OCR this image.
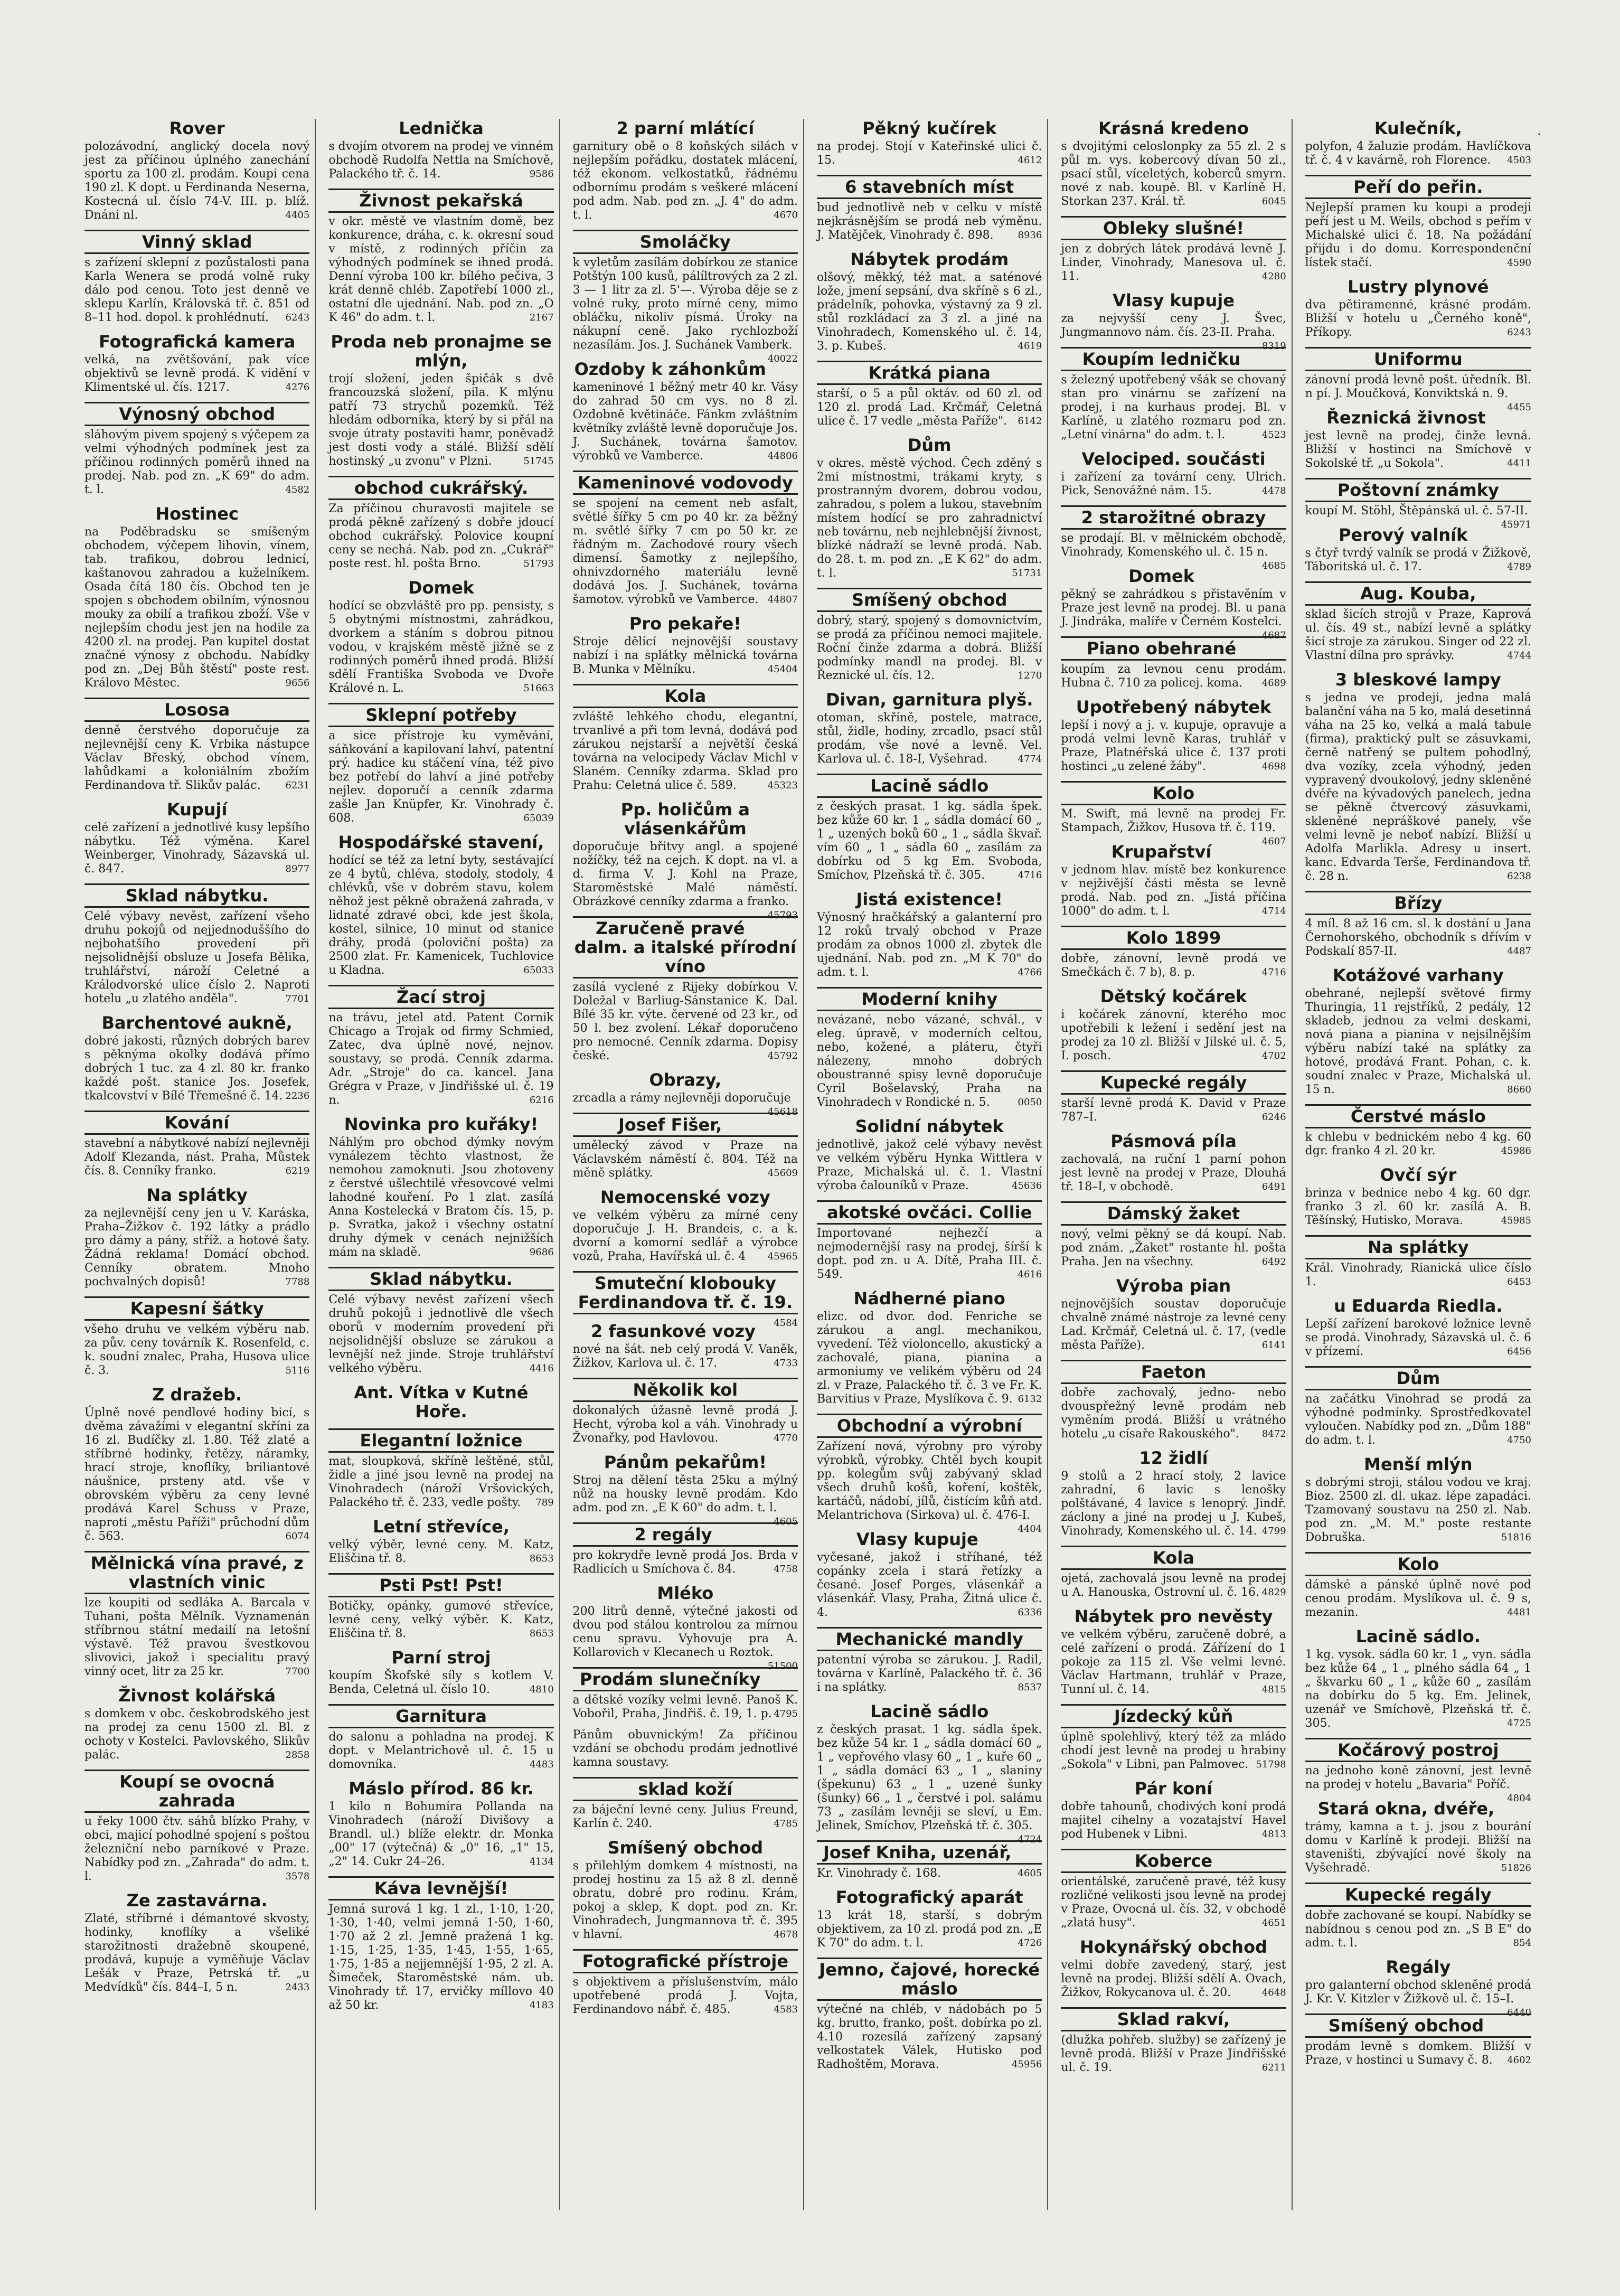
ᐧ
Rover

polozávodní, anglický docela nový jest za příčinou úplného zanechání sportu za 100 zl. prodám. Koupi cena 190 zl. K dopt. u Ferdinanda Neserna, Kostecná ul. číslo 74-V. III. p. blíž. Dnáni nl.	4405

Vinný sklad

s zařízení sklepní z pozůstalosti pana Karla Wenera se prodá volně ruky dálo pod cenou. Toto jest denně ve sklepu Karlín, Královská tř. č. 851 od 8–11 hod. dopol. k prohlédnutí. 6243

Fotografická kamera

velká, na zvětšování, pak více objektivů se levně prodá. K vidění v Klimentské ul. čís. 1217.	4276

Výnosný obchod

sláhovým pivem spojený s výčepem za velmi výhodných podmínek jest za příčinou rodinných poměrů ihned na prodej. Nab. pod zn. „K 69" do adm. t. l.	4582

Hostinec

na Poděbradsku se smíšeným obchodem, výčepem lihovin, vínem, tab. trafikou, dobrou lednicí, kaštanovou zahradou a kuželníkem. Osada čítá 180 čís. Obchod ten je spojen s obchodem obilním, výnosnou mouky za obilí a trafikou zboží. Vše v nejlepším chodu jest jen na hodile za 4200 zl. na prodej. Pan kupitel dostat značné výnosy z obchodu. Nabídky pod zn. „Dej Bůh štěstí" poste rest. Královo Městec.	9656

Lososa

denně čerstvého doporučuje za nejlevnější ceny K. Vrbika nástupce Václav Břeský, obchod vínem, lahůdkami a koloniálním zbožím Ferdinandova tř. Slikův palác.	6231

Kupují

celé zařízení a jednotlivé kusy lepšího nábytku. Též výměna. Karel Weinberger, Vinohrady, Sázavská ul. č. 847.	8977

Sklad nábytku.

Celé výbavy nevěst, zařízení všeho druhu pokojů od nejjednoduššího do nejbohatšího provedení při nejsolidnější obsluze u Josefa Bělika, truhlářství, nároží Celetné a Králodvorské ulice číslo 2. Naproti hotelu „u zlatého anděla".	7701

Barchentové aukně,

dobré jakosti, různých dobrých barev s pěknýma okolky dodává přímo dobrých 1 tuc. za 4 zl. 80 kr. franko každé pošt. stanice Jos. Josefek, tkalcovství v Bílé Třemešné č. 14. 2236

Kování

stavební a nábytkové nabízí nejlevněji Adolf Klezanda, nást. Praha, Můstek čís. 8. Cenníky franko.	6219

Na splátky

za nejlevnější ceny jen u V. Karáska, Praha–Žižkov č. 192 látky a prádlo pro dámy a pány, stříž. a hotové šaty. Žádná reklama! Domácí obchod. Cenníky obratem. Mnoho pochvalných dopisů!	7788

Kapesní šátky

všeho druhu ve velkém výběru nab. za pův. ceny továrník K. Rosenfeld, c. k. soudní znalec, Praha, Husova ulice č. 3.	5116

Z dražeb.

Úplně nové pendlové hodiny bicí, s dvěma závažími v elegantní skříni za 16 zl. Budíčky zl. 1.80. Též zlaté a stříbrné hodinky, řetězy, náramky, hrací stroje, knoflíky, briliantové náušnice, prsteny atd. vše v obrovském výběru za ceny levné prodává Karel Schuss v Praze, naproti „městu Paříži" průchodní dům č. 563.	6074

Mělnická vína pravé, z vlastních vinic

lze koupiti od sedláka A. Barcala v Tuhani, pošta Mělník. Vyznamenán stříbrnou státní medailí na letošní výstavě. Též pravou švestkovou slivovici, jakož i specialitu pravý vinný ocet, litr za 25 kr.	7700

Živnost kolářská

s domkem v obc. českobrodského jest na prodej za cenu 1500 zl. Bl. z ochoty v Kostelci. Pavlovského, Slikův palác.	2858

Koupí se ovocná zahrada

u řeky 1000 čtv. sáhů blízko Prahy, v obci, majicí pohodlné spojení s poštou železniční nebo parníkové v Praze. Nabídky pod zn. „Zahrada" do adm. t. l.	3578

Ze zastavárna.

Zlaté, stříbrné i démantové skvosty, hodinky, knoflíky a všeliké starožitnosti dražebně skoupené, prodává, kupuje a vyměňuje Václav Lešák v Praze, Petrská tř. „u Medvídků" čís. 844–I, 5 n.	2433

Lednička

s dvojím otvorem na prodej ve vinném obchodě Rudolfa Nettla na Smíchově, Palackého tř. č. 14.	9586

Živnost pekařská

v okr. městě ve vlastním domě, bez konkurence, dráha, c. k. okresní soud v místě, z rodinných příčin za výhodných podmínek se ihned prodá. Denní výroba 100 kr. bílého pečiva, 3 krát denně chléb. Zapotřebí 1000 zl., ostatní dle ujednání. Nab. pod zn. „O K 46" do adm. t. l.	2167

Proda neb pronajme se mlýn,

trojí složení, jeden špičák s dvě francouzská složení, pila. K mlýnu patří 73 strychů pozemků. Též hledám odborníka, který by si přál na svoje útraty postaviti hamr, poněvadž jest dosti vody a stálé. Bližší sdělí hostinský „u zvonu" v Plzni.	51745

obchod cukrářský.

Za příčinou churavosti majitele se prodá pěkně zařízený s dobře jdoucí obchod cukrářský. Polovice koupní ceny se nechá. Nab. pod zn. „Cukrář" poste rest. hl. pošta Brno.	51793

Domek

hodící se obzvláště pro pp. pensisty, s 5 obytnými místnostmi, zahrádkou, dvorkem a stáním s dobrou pitnou vodou, v krajském městě jižně se z rodinných poměrů ihned prodá. Bližší sdělí Františka Svoboda ve Dvoře Králové n. L.	51663

Sklepní potřeby

a sice přístroje ku vyměvání, sáňkování a kapilovaní lahví, patentní prý. hadice ku stáčení vína, též pivo bez potřebí do lahví a jiné potřeby nejlev. doporučí a cenník zdarma zašle Jan Knüpfer, Kr. Vinohrady č. 608.	65039

Hospodářské stavení,

hodící se též za letní byty, sestávající ze 4 bytů, chléva, stodoly, stodoly, 4 chlévků, vše v dobrém stavu, kolem něhož jest pěkně obražená zahrada, v lidnaté zdravé obci, kde jest škola, kostel, silnice, 10 minut od stanice dráhy, prodá (poloviční pošta) za 2500 zlat. Fr. Kamenicek, Tuchlovice u Kladna.	65033

Žací stroj

na trávu, jetel atd. Patent Cornik Chicago a Trojak od firmy Schmied, Zatec, dva úplně nové, nejnov. soustavy, se prodá. Cenník zdarma. Adr. „Stroje" do ca. kancel. Jana Grégra v Praze, v Jindřišské ul. č. 19 n.	6216

Novinka pro kuřáky!

Náhlým pro obchod dýmky novým vynálezem těchto vlastnost, že nemohou zamoknuti. Jsou zhotoveny z čerstvé ušlechtilé vřesovcové velmi lahodné kouření. Po 1 zlat. zasílá Anna Kostelecká v Bratom čís. 15, p. p. Svratka, jakož i všechny ostatní druhy dýmek v cenách nejnižších mám na skladě.	9686

Sklad nábytku.

Celé výbavy nevěst zařízení všech druhů pokojů i jednotlivě dle všech oborů v moderním provedení při nejsolidnější obsluze se zárukou a levnější než jinde. Stroje truhlářství velkého výběru.	4416

Ant. Vítka v Kutné Hoře.
Elegantní ložnice

mat, sloupková, skříně leštěné, stůl, židle a jiné jsou levně na prodej na Vinohradech (nároží Vršovických, Palackého tř. č. 233, vedle pošty. 789

Letní střevíce,

velký výběr, levné ceny. M. Katz, Eliščina tř. 8.	8653

Psti Pst! Pst!

Botičky, opánky, gumové střevíce, levné ceny, velký výběr. K. Katz, Eliščina tř. 8.	8653

Parní stroj

koupím Škofské síly s kotlem V. Benda, Celetná ul. číslo 10.	4810

Garnitura

do salonu a pohladna na prodej. K dopt. v Melantrichově ul. č. 15 u domovníka.	4483

Máslo přírod. 86 kr.

1 kilo n Bohumíra Pollanda na Vinohradech (nároží Divišovy a Brandl. ul.) blíže elektr. dr. Monka „00" 17 (výtečná) & „0" 16, „1" 15, „2" 14. Cukr 24–26.	4134

Káva levnější!

Jemná surová 1 kg. 1 zl., 1·10, 1·20, 1·30, 1·40, velmi jemná 1·50, 1·60, 1·70 až 2 zl. Jemně pražená 1 kg. 1·15, 1·25, 1·35, 1·45, 1·55, 1·65, 1·75, 1·85 a nejjemnější 1·95, 2 zl. A. Šimeček, Staroměstské nám. ub. Vinohrady tř. 17, ervičky míllovo 40 až 50 kr.	4183

2 parní mlátící

garnitury obě o 8 koňských silách v nejlepším pořádku, dostatek mlácení, též ekonom. velkostatků, řádnému odbornímu prodám s veškeré mlácení pod adm. Nab. pod zn. „J. 4" do adm. t. l.	4670

Smoláčky

k vyletům zasílám dobírkou ze stanice Potštýn 100 kusů, pálíltrových za 2 zl. 3 — 1 litr za zl. 5'—. Výroba děje se z volné ruky, proto mírné ceny, mimo obláčku, nikoliv písmá. Úroky na nákupní ceně. Jako rychlozboží nezasílám. Jos. J. Suchánek Vamberk.
40022

Ozdoby k záhonkům

kameninové 1 běžný metr 40 kr. Vásy do zahrad 50 cm vys. no 8 zl. Ozdobně květináče. Fánkm zvláštním květníky zvláště levně doporučuje Jos. J. Suchánek, továrna šamotov. výrobků ve Vamberce.	44806

Kameninové vodovody

se spojení na cement neb asfalt, světlé šířky 5 cm po 40 kr. za běžný m. světlé šířky 7 cm po 50 kr. ze řádným m. Zachodové roury všech dimensí. Šamotky z nejlepšího, ohnivzdorného materiálu levně dodává Jos. J. Suchánek, továrna šamotov. výrobků ve Vamberce. 44807

Pro pekaře!

Stroje dělící nejnovější soustavy nabízí i na splátky mělnická továrna B. Munka v Mělníku.	45404

Kola

zvláště lehkého chodu, elegantní, trvanlivé a při tom levná, dodává pod zárukou nejstarší a největší česká továrna na velocipedy Václav Michl v Slaném. Cenníky zdarma. Sklad pro Prahu: Celetná ulice č. 589.	45323

Pp. holičům a vlásenkářům

doporučuje břitvy angl. a spojené nožíčky, též na cejch. K dopt. na vl. a d. firma V. J. Kohl na Praze, Staroměstské Malé náměstí. Obrázkové cenníky zdarma a franko.
45793

Zaručeně pravé dalm. a italské přírodní víno

zasílá vyclené z Rijeky dobírkou V. Doležal v Barliug-Sánstanice K. Dal. Bílé 35 kr. výte. červené od 23 kr., od 50 l. bez zvolení. Lékař doporučeno pro nemocné. Cenník zdarma. Dopisy české.	45792

Obrazy,

zrcadla a rámy nejlevněji doporučuje
45618

Josef Fišer,

umělecký závod v Praze na Václavském náměstí č. 804. Též na měně splátky.	45609

Nemocenské vozy

ve velkém výběru za mírné ceny doporučuje J. H. Brandeis, c. a k. dvorní a komorní sedlář a výrobce vozů, Praha, Havířská ul. č. 4 45965

Smuteční klobouky Ferdinandova tř. č. 19.

4584

2 fasunkové vozy

nové na šát. neb celý prodá V. Vaněk, Žižkov, Karlova ul. č. 17.	4733

Několik kol

dokonalých úžasně levně prodá J. Hecht, výroba kol a váh. Vinohrady u Žvonařky, pod Havlovou.	4770

Pánům pekařům!

Stroj na dělení těsta 25ku a mýlný nůž na housky levně prodám. Kdo adm. pod zn. „E K 60" do adm. t. l.
4605

2 regály

pro kokrydře levně prodá Jos. Brda v Radlicích u Smíchova č. 84.	4758

Mléko

200 litrů denně, výtečné jakosti od dvou pod stálou kontrolou za mírnou cenu spravu. Vyhovuje pra A. Kollarovich v Klecanech u Roztok.
51500

Prodám slunečníky

a dětské vozíky velmi levně. Panoš K. Vobořil, Praha, Jindřiš. č. 19, 1. p. 4795

Pánům obuvnickým! Za příčinou vzdání se obchodu prodám jednotlivé kamna soustavy.

sklad koží

za báječní levné ceny. Julius Freund, Karlín č. 240.	4785

Smíšený obchod

s přilehlým domkem 4 místnosti, na prodej hostinu za 15 až 8 zl. denně obratu, dobré pro rodinu. Krám, pokoj a sklep, K dopt. pod zn. Kr. Vinohradech, Jungmannova tř. č. 395 v hlavní.	4678

Fotografické přístroje

s objektivem a příslušenstvím, málo upotřebené prodá J. Vojta, Ferdinandovo nábř. č. 485.	4583

Pěkný kučírek

na prodej. Stojí v Kateřinské ulici č. 15.	4612

6 stavebních míst

bud jednotlivě neb v celku v místě nejkrásnějším se prodá neb výměnu. J. Matějček, Vinohrady č. 898.	8936

Nábytek prodám

olšový, měkký, též mat. a saténové lože, jmení sepsání, dva skříně s 6 zl., prádelník, pohovka, výstavný za 9 zl. stůl rozkládací za 3 zl. a jiné na Vinohradech, Komenského ul. č. 14, 3. p. Kubeš.	4619

Krátká piana

starší, o 5 a půl oktáv. od 60 zl. od 120 zl. prodá Lad. Krčmář, Celetná ulice č. 17 vedle „města Paříže". 6142

Dům

v okres. městě východ. Čech zděný s 2mi místnostmi, trákami kryty, s prostranným dvorem, dobrou vodou, zahradou, s polem a lukou, stavebním místem hodící se pro zahradnictví neb továrnu, neb nejhlebnější živnost, blízké nádraží se levně prodá. Nab. do 28. t. m. pod zn. „E K 62" do adm. t. l.	51731

Smíšený obchod

dobrý, starý, spojený s domovnictvím, se prodá za příčinou nemoci majitele. Roční činže zdarma a dobrá. Bližší podmínky mandl na prodej. Bl. v Řeznické ul. čís. 12.	1270

Divan, garnitura plyš.

otoman, skříně, postele, matrace, stůl, židle, hodiny, zrcadlo, psací stůl prodám, vše nové a levně. Vel. Karlova ul. č. 18-I, Vyšehrad.	4774

Lacině sádlo

z českých prasat. 1 kg. sádla špek. bez kůže 60 kr. 1 „ sádla domácí 60 „ 1 „ uzených boků 60 „ 1 „ sádla škvař. vím 60 „ 1 „ sádla 60 „ zasílám za dobírku od 5 kg Em. Svoboda, Smíchov, Plzeňská tř. č. 305.	4716

Jistá existence!

Výnosný hračkářský a galanterní pro 12 roků trvalý obchod v Praze prodám za obnos 1000 zl. zbytek dle ujednání. Nab. pod zn. „M K 70" do adm. t. l.	4766

Moderní knihy

nevázané, nebo vázané, schvál., v eleg. úpravě, v moderních celtou, nebo, kožené, a pláteru, čtyři nálezeny, mnoho dobrých oboustranné spisy levně doporučuje Cyril Bošelavský, Praha na Vinohradech v Rondické n. 5.	0050

Solidní nábytek

jednotlivě, jakož celé výbavy nevěst ve velkém výběru Hynka Wittlera v Praze, Michalská ul. č. 1. Vlastní výroba čalouníků v Praze.	45636

akotské ovčáci. Collie

Importované nejhezčí a nejmodernější rasy na prodej, šírší k dopt. pod zn. u A. Dítě, Praha III. č. 549.	4616

Nádherné piano

elizc. od dvor. dod. Fenriche se zárukou a angl. mechanikou, vyvedení. Též violoncello, akustický a zachovalé, piana, pianina a armoniumy ve velikém výběru od 24 zl. v Praze, Palackého tř. č. 3 ve Fr. K. Barvitius v Praze, Myslíkova č. 9. 6132

Obchodní a výrobní

Zařízení nová, výrobny pro výroby výrobků, výrobky. Chtěl bych koupit pp. kolegům svůj zabývaný sklad všech druhů košů, koření, koštěk, kartáčů, nádobí, jílů, čistícím kůň atd. Melantrichova (Sirkova) ul. č. 476-I.
4404

Vlasy kupuje

vyčesané, jakož i stříhané, též copánky zcela i stará řetízky a česané. Josef Porges, vlásenkář a vlásenkář. Vlasy, Praha, Žitná ulice č. 4.	6336

Mechanické mandly

patentní výroba se zárukou. J. Radil, továrna v Karlíně, Palackého tř. č. 36 i na splátky.	8537

Lacině sádlo

z českých prasat. 1 kg. sádla špek. bez kůže 54 kr. 1 „ sádla domácí 60 „ 1 „ vepřového vlasy 60 „ 1 „ kuře 60 „ 1 „ sádla domácí 63 „ 1 „ slaniny (špekunu) 63 „ 1 „ uzené šunky (šunky) 66 „ 1 „ čerstvé i pol. salámu 73 „ zasílám levněji se sleví, u Em. Jelinek, Smíchov, Plzeňská tř. č. 305.
4724

Josef Kniha, uzenář,

Kr. Vinohrady č. 168.	4605

Fotografický aparát

13 krát 18, starší, s dobrým objektivem, za 10 zl. prodá pod zn. „E K 70" do adm. t. l.	4726

Jemno, čajové, horecké máslo

výtečné na chléb, v nádobách po 5 kg. brutto, franko, pošt. dobírka po zl. 4.10 rozesílá zařízený zapsaný velkostatek Válek, Hutisko pod Radhoštěm, Morava.	45956

Krásná kredeno

s dvojitými celoslonpky za 55 zl. 2 s půl m. vys. kobercový dívan 50 zl., psací stůl, víceletých, koberců smyrn. nové z nab. koupě. Bl. v Karlíně H. Storkan 237. Král. tř.	6045

Obleky slušné!

jen z dobrých látek prodává levně J. Linder, Vinohrady, Manesova ul. č. 11.	4280

Vlasy kupuje

za nejvyšší ceny J. Švec, Jungmannovo nám. čís. 23-II. Praha.
8319

Koupím ledničku

s železný upotřebený všák se chovaný stan pro vinárnu se zařízení na prodej, i na kurhaus prodej. Bl. v Karlíně, u zlatého rozmaru pod zn. „Letní vinárna" do adm. t. l.	4523

Velociped. součásti

i zařízení za tovární ceny. Ulrich. Pick, Senovážné nám. 15.	4478

2 starožitné obrazy

se prodají. Bl. v mělnickém obchodě, Vinohrady, Komenského ul. č. 15 n.
4685

Domek

pěkný se zahrádkou s přistavěním v Praze jest levně na prodej. Bl. u pana J. Jindráka, malíře v Černém Kostelci.
4687

Piano obehrané

koupím za levnou cenu prodám. Hubna č. 710 za policej. koma. 4689

Upotřebený nábytek

lepší i nový a j. v. kupuje, opravuje a prodá velmi levně Karas, truhlář v Praze, Platnéřská ulice č. 137 proti hostinci „u zelené žáby".	4698

Kolo

M. Swift, má levně na prodej Fr. Stampach, Žižkov, Husova tř. č. 119.
4607

Krupařství

v jednom hlav. místě bez konkurence v nejživější části města se levně prodá. Nab. pod zn. „Jistá příčina 1000" do adm. t. l.	4714

Kolo 1899

dobře, zánovní, levně prodá ve Smečkách č. 7 b), 8. p.	4716

Dětský kočárek

i kočárek zánovní, kterého moc upotřebili k ležení i sedění jest na prodej za 10 zl. Bližší v Jilské ul. č. 5, I. posch.	4702

Kupecké regály

starší levně prodá K. David v Praze 787–I.	6246

Pásmová píla

zachovalá, na ruční 1 parní pohon jest levně na prodej v Praze, Dlouhá tř. 18–I, v obchodě.	6491

Dámský žaket

nový, velmi pěkný se dá koupí. Nab. pod znám. „Žaket" rostante hl. pošta Praha. Jen na všechny.	6492

Výroba pian

nejnovějších soustav doporučuje chvalně známé nástroje za levné ceny Lad. Krčmář, Celetná ul. č. 17, (vedle města Paříže).	6141

Faeton

dobře zachovalý, jedno- nebo dvouspřežný levně prodám neb vyměním prodá. Bližší u vrátného hotelu „u císaře Rakouského". 8472

12 židlí

9 stolů a 2 hrací stoly, 2 lavice zahradní, 6 lavic s lenošky polštávané, 4 lavice s lenoprý. Jindř. záclony a jiné na prodej u J. Kubeš, Vinohrady, Komenského ul. č. 14. 4799

Kola

ojetá, zachovalá jsou levně na prodej u A. Hanouska, Ostrovní ul. č. 16. 4829

Nábytek pro nevěsty

ve velkém výběru, zaručeně dobré, a celé zařízení o prodá. Zářízení do 1 pokoje za 115 zl. Vše velmi levné. Václav Hartmann, truhlář v Praze, Tunní ul. č. 14.	4815

Jízdecký kůň

úplně spolehlivý, který též za mládo chodí jest levně na prodej u hrabiny „Sokola" v Libni, pan Palmovec. 51798

Pár koní

dobře tahounů, chodivých koní prodá majitel cihelny a vozatajství Havel pod Hubenek v Libni.	4813

Koberce

orientálské, zaručeně pravé, též kusy rozličné velikosti jsou levně na prodej v Praze, Ovocná ul. čís. 32, v obchodě „zlatá husy".	4651

Hokynářský obchod

velmi dobře zavedený, starý, jest levně na prodej. Bližší sdělí A. Ovach, Žižkov, Rokycanova ul. č. 20.	4648

Sklad rakví,

(dlužka pohřeb. služby) se zařízený je levně prodá. Bližší v Praze Jindřišské ul. č. 19.	6211

Kulečník,

polyfon, 4 žaluzie prodám. Havlíčkova tř. č. 4 v kavárně, roh Florence. 4503

Peří do peřin.

Nejlepší pramen ku koupi a prodeji peří jest u M. Weils, obchod s peřím v Michalské ulici č. 18. Na požádání přijdu i do domu. Korrespondenční lístek stačí.	4590

Lustry plynové

dva pětiramenné, krásné prodám. Bližší v hotelu u „Černého koně", Příkopy.	6243

Uniformu

zánovní prodá levně pošt. úředník. Bl. n pí. J. Moučková, Konviktská n. 9.
4455

Řeznická živnost

jest levně na prodej, činže levná. Bližší v hostinci na Smíchově v Sokolské tř. „u Sokola".	4411

Poštovní známky

koupí M. Stöhl, Štěpánská ul. č. 57-II.
45971

Perový valník

s čtyř tvrdý valník se prodá v Žižkově, Táboritská ul. č. 17.	4789

Aug. Kouba,

sklad šicích strojů v Praze, Kaprová ul. čís. 49 st., nabízí levně a splátky šicí stroje za zárukou. Singer od 22 zl. Vlastní dílna pro správky.	4744

3 bleskové lampy

s jedna ve prodeji, jedna malá balanční váha na 5 ko, malá desetinná váha na 25 ko, velká a malá tabule (firma), praktický pult se zásuvkami, černě natřený se pultem pohodlný, dva vozíky, zcela výhodný, jeden vypravený dvoukolový, jedny skleněné dvéře na kývadových panelech, jedna se pěkně čtvercový zásuvkami, skleněné nepráškové panely, vše velmi levně je neboť nabízí. Bližší u Adolfa Marlikla. Adresy u insert. kanc. Edvarda Terše, Ferdinandova tř. č. 28 n.	6238

Břízy

4 míl. 8 až 16 cm. sl. k dostání u Jana Černohorského, obchodník s dřívím v Podskalí 857-II.	4487

Kotážové varhany

obehrané, nejlepší světové firmy Thuringia, 11 rejstříků, 2 pedály, 12 skladeb, jednou za velmi deskami, nová piana a pianina v nejsilnějším výběru nabízí také na splátky za hotové, prodává Frant. Pohan, c. k. soudní znalec v Praze, Michalská ul. 15 n.	8660

Čerstvé máslo

k chlebu v bednickém nebo 4 kg. 60 dgr. franko 4 zl. 20 kr.	45986

Ovčí sýr

brinza v bednice nebo 4 kg. 60 dgr. franko 3 zl. 60 kr. zasílá A. B. Těšínský, Hutisko, Morava.	45985

Na splátky

Král. Vinohrady, Rianická ulice číslo 1.	6453

u Eduarda Riedla.

Lepší zařízení barokové ložnice levně se prodá. Vinohrady, Sázavská ul. č. 6 v přízemí.	6456

Dům

na začátku Vinohrad se prodá za výhodné podmínky. Sprostředkovatel vyloučen. Nabídky pod zn. „Dům 188" do adm. t. l.	4750

Menší mlýn

s dobrými stroji, stálou vodou ve kraj. Bioz. 2500 zl. dl. ukaz. lépe zapadáci. Tzamovaný soustavu na 250 zl. Nab. pod zn. „M. M." poste restante Dobruška.	51816

Kolo

dámské a pánské úplně nové pod cenou prodám. Myslíkova ul. č. 9 s, mezanin.	4481

Lacině sádlo.

1 kg. vysok. sádla 60 kr. 1 „ vyn. sádla bez kůže 64 „ 1 „ plného sádla 64 „ 1 „ škvarku 60 „ 1 „ kůže 60 „ zasílám na dobírku do 5 kg. Em. Jelinek, uzenář ve Smíchově, Plzeňská tř. č. 305.	4725

Kočárový postroj

na jednoho koně zánovní, jest levně na prodej v hotelu „Bavaria" Poříč.
4804

Stará okna, dvéře,

trámy, kamna a t. j. jsou z bourání domu v Karlíně k prodeji. Bližší na staveništi, zbývající nové školy na Vyšehradě.	51826

Kupecké regály

dobře zachované se koupí. Nabídky se nabídnou s cenou pod zn. „S B E" do adm. t. l.	854

Regály

pro galanterní obchod skleněné prodá J. Kr. V. Kitzler v Žižkově ul. č. 15–I.
6440

Smíšený obchod

prodám levně s domkem. Bližší v Praze, v hostinci u Sumavy č. 8. 4602
